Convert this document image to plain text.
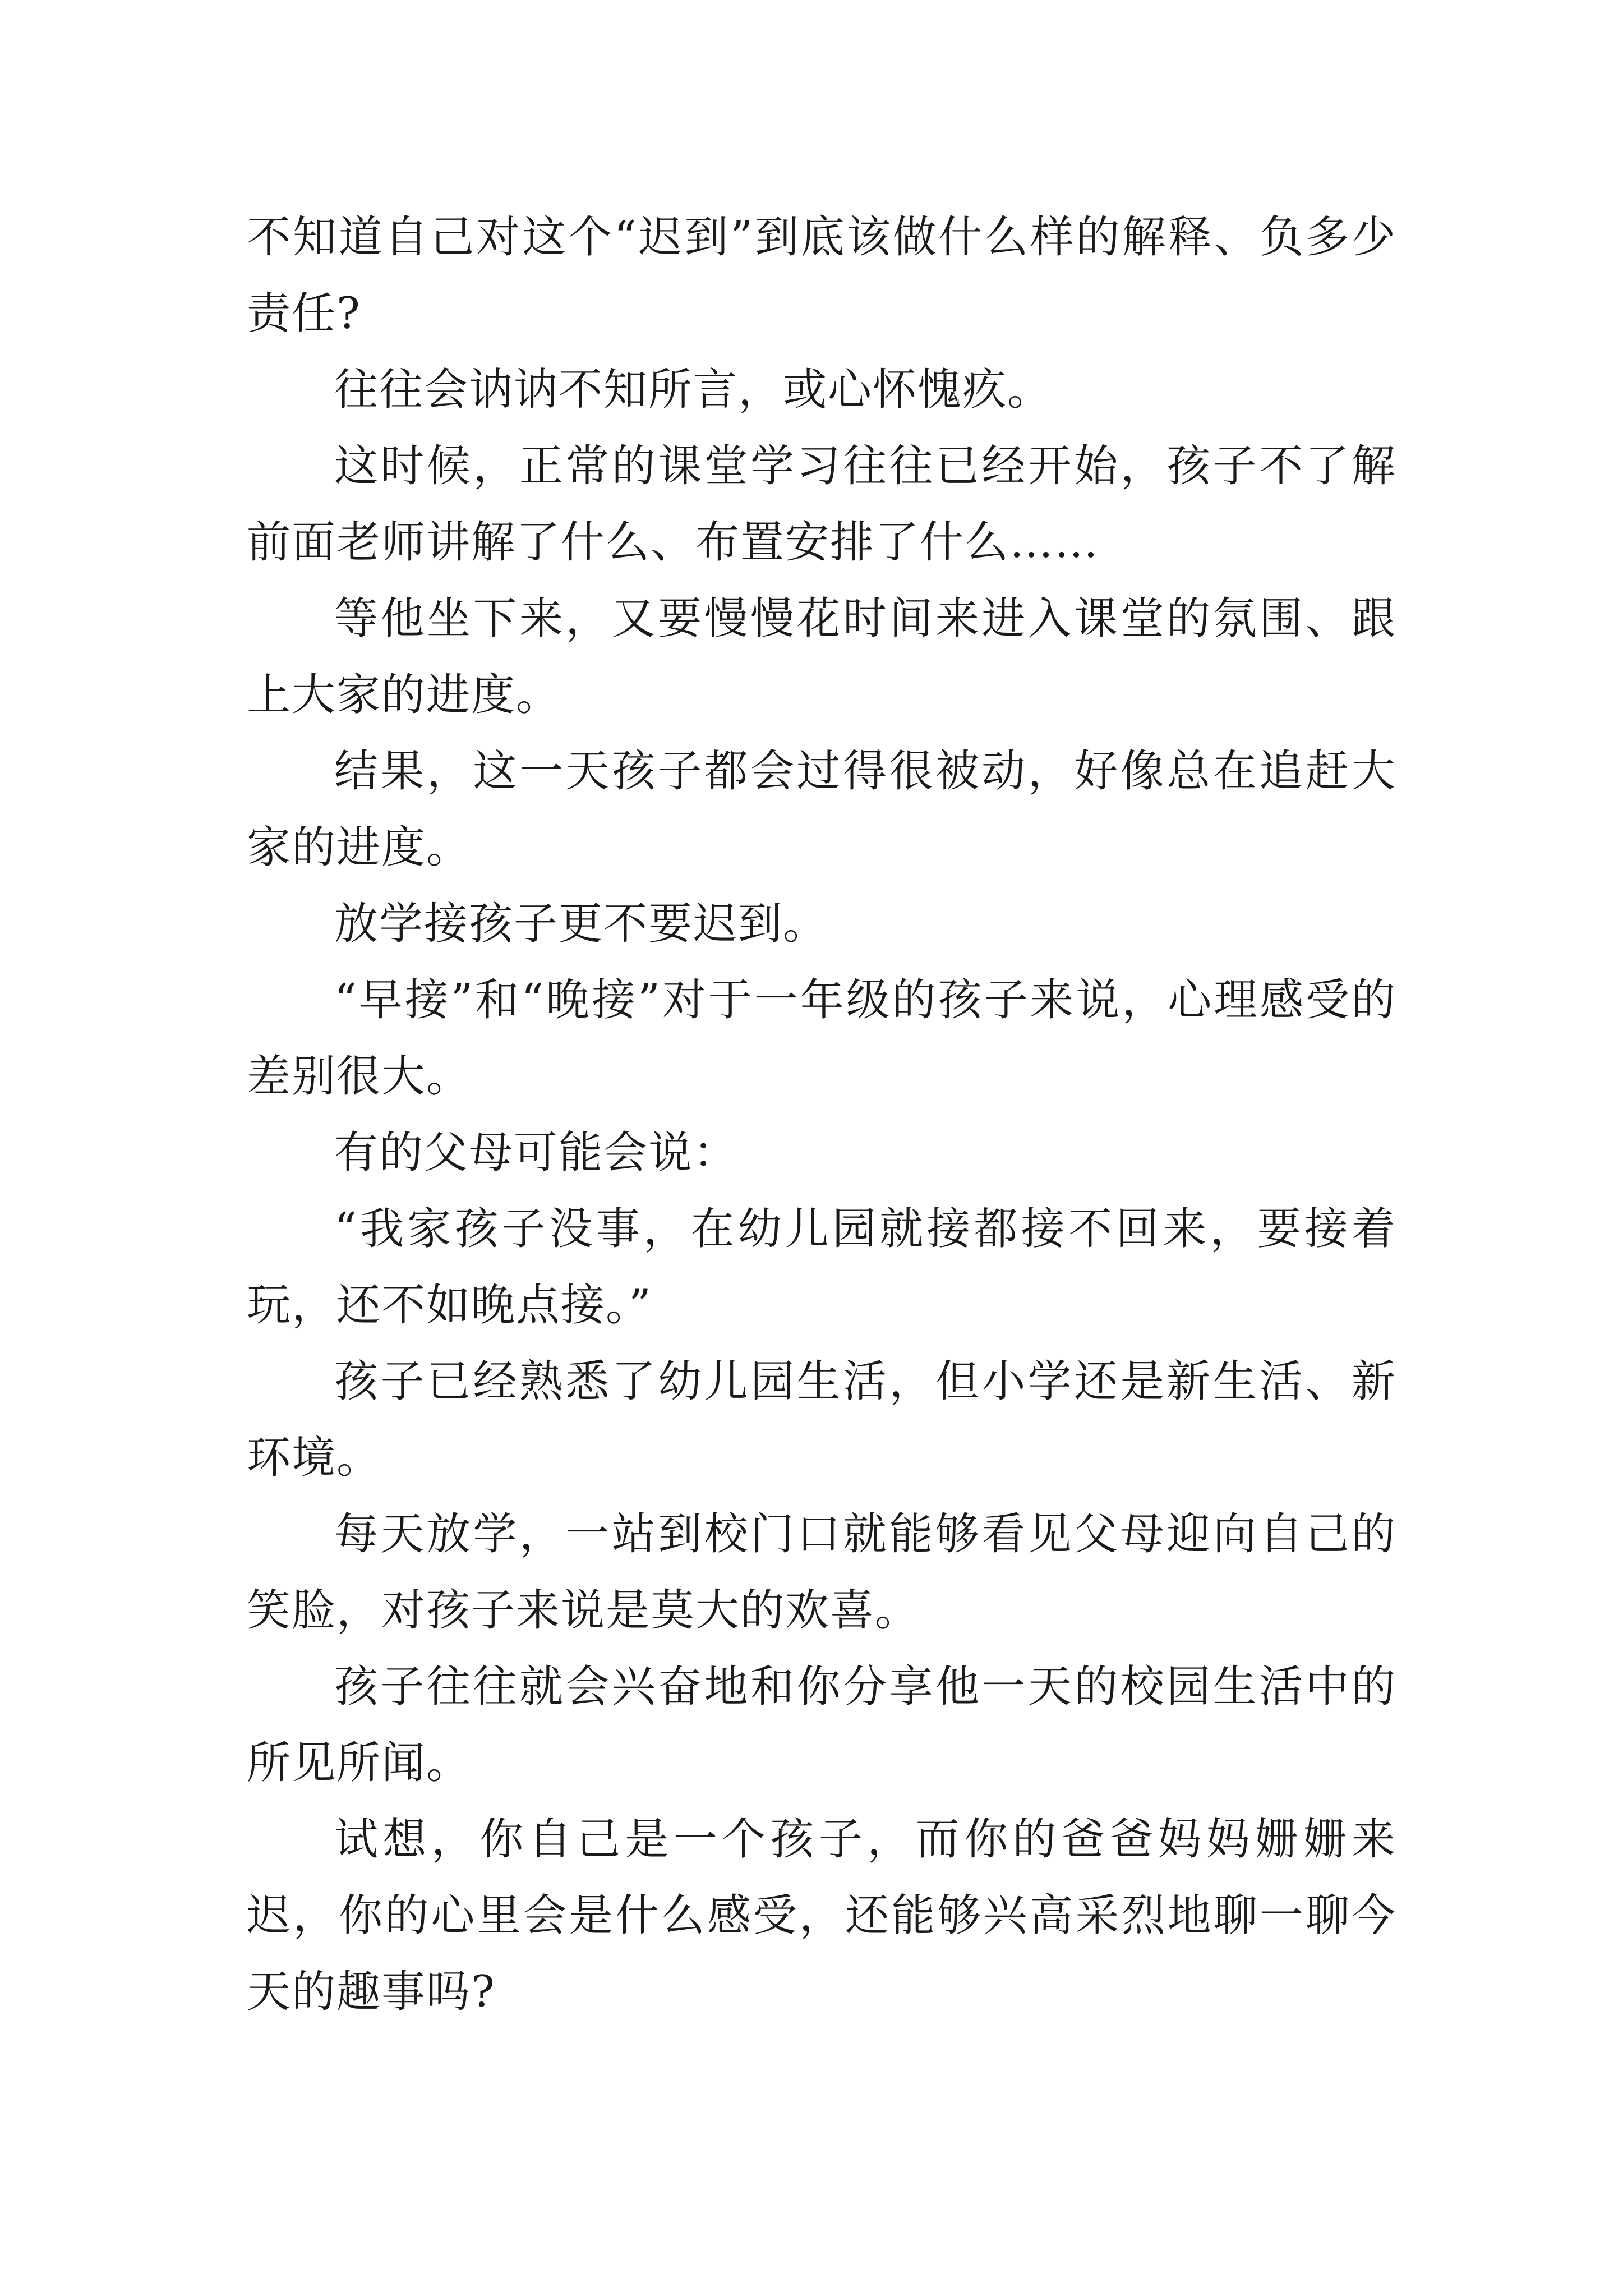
不知道自己对这个“迟到”到底该做什么样的解释、负多少责任?

往往会讷讷不知所言，或心怀愧疚。

这时候，正常的课堂学习往往已经开始，孩子不了解前面老师讲解了什么、布置安排了什么……

等他坐下来，又要慢慢花时间来进入课堂的氛围、跟上大家的进度。

结果，这一天孩子都会过得很被动，好像总在追赶大家的进度。

放学接孩子更不要迟到。

“早接”和“晚接”对于一年级的孩子来说，心理感受的差别很大。

有的父母可能会说：

“我家孩子没事，在幼儿园就接都接不回来，要接着玩，还不如晚点接。”

孩子已经熟悉了幼儿园生活，但小学还是新生活、新环境。

每天放学，一站到校门口就能够看见父母迎向自己的笑脸，对孩子来说是莫大的欢喜。

孩子往往就会兴奋地和你分享他一天的校园生活中的所见所闻。

试想，你自己是一个孩子，而你的爸爸妈妈姗姗来迟，你的心里会是什么感受，还能够兴高采烈地聊一聊今天的趣事吗?
